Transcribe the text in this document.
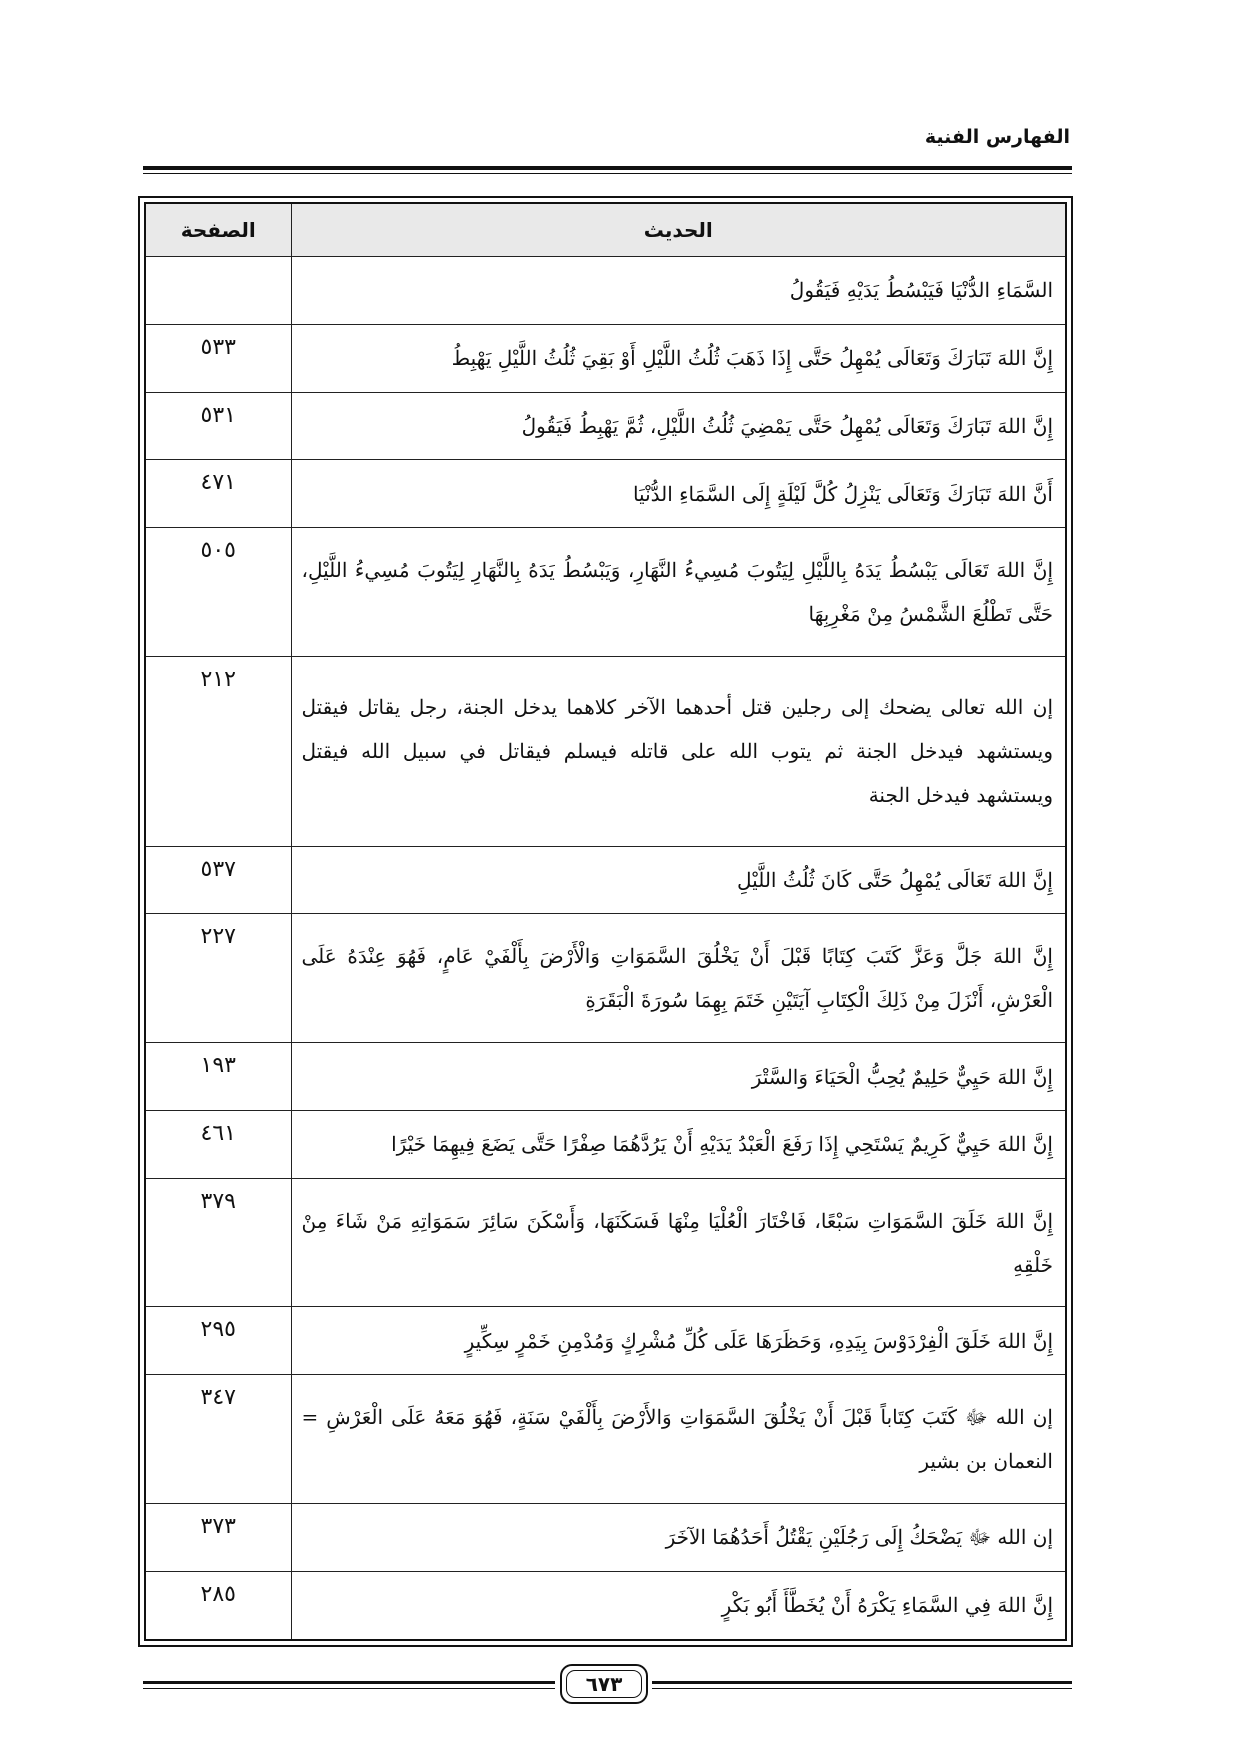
الفهارس الفنية
الحديث	الصفحة
السَّمَاءِ الدُّنْيَا فَيَبْسُطُ يَدَيْهِ فَيَقُولُ	
إِنَّ اللهَ تَبَارَكَ وَتَعَالَى يُمْهِلُ حَتَّى إِذَا ذَهَبَ ثُلُثُ اللَّيْلِ أَوْ بَقِيَ ثُلُثُ اللَّيْلِ يَهْبِطُ	٥٣٣
إِنَّ اللهَ تَبَارَكَ وَتَعَالَى يُمْهِلُ حَتَّى يَمْضِيَ ثُلُثُ اللَّيْلِ، ثُمَّ يَهْبِطُ فَيَقُولُ	٥٣١
أَنَّ اللهَ تَبَارَكَ وَتَعَالَى يَنْزِلُ كُلَّ لَيْلَةٍ إِلَى السَّمَاءِ الدُّنْيَا	٤٧١
إِنَّ اللهَ تَعَالَى يَبْسُطُ يَدَهُ بِاللَّيْلِ لِيَتُوبَ مُسِيءُ النَّهَارِ، وَيَبْسُطُ يَدَهُ بِالنَّهَارِ لِيَتُوبَ مُسِيءُ اللَّيْلِ، حَتَّى تَطْلُعَ الشَّمْسُ مِنْ مَغْرِبِهَا	٥٠٥
إن الله تعالى يضحك إلى رجلين قتل أحدهما الآخر كلاهما يدخل الجنة، رجل يقاتل فيقتل ويستشهد فيدخل الجنة ثم يتوب الله على قاتله فيسلم فيقاتل في سبيل الله فيقتل ويستشهد فيدخل الجنة	٢١٢
إِنَّ اللهَ تَعَالَى يُمْهِلُ حَتَّى كَانَ ثُلُثُ اللَّيْلِ	٥٣٧
إِنَّ اللهَ جَلَّ وَعَزَّ كَتَبَ كِتَابًا قَبْلَ أَنْ يَخْلُقَ السَّمَوَاتِ وَالْأَرْضَ بِأَلْفَيْ عَامٍ، فَهُوَ عِنْدَهُ عَلَى الْعَرْشِ، أَنْزَلَ مِنْ ذَلِكَ الْكِتَابِ آيَتَيْنِ خَتَمَ بِهِمَا سُورَةَ الْبَقَرَةِ	٢٢٧
إِنَّ اللهَ حَيِيٌّ حَلِيمٌ يُحِبُّ الْحَيَاءَ وَالسَّتْرَ	١٩٣
إِنَّ اللهَ حَيِيٌّ كَرِيمٌ يَسْتَحِي إِذَا رَفَعَ الْعَبْدُ يَدَيْهِ أَنْ يَرُدَّهُمَا صِفْرًا حَتَّى يَضَعَ فِيهِمَا خَيْرًا	٤٦١
إِنَّ اللهَ خَلَقَ السَّمَوَاتِ سَبْعًا، فَاخْتَارَ الْعُلْيَا مِنْهَا فَسَكَنَهَا، وَأَسْكَنَ سَائِرَ سَمَوَاتِهِ مَنْ شَاءَ مِنْ خَلْقِهِ	٣٧٩
إِنَّ اللهَ خَلَقَ الْفِرْدَوْسَ بِيَدِهِ، وَحَظَرَهَا عَلَى كُلِّ مُشْرِكٍ وَمُدْمِنِ خَمْرٍ سِكِّيرٍ	٢٩٥
إن الله ﷻ كَتَبَ كِتَاباً قَبْلَ أَنْ يَخْلُقَ السَّمَوَاتِ وَالأَرْضَ بِأَلْفَيْ سَنَةٍ، فَهُوَ مَعَهُ عَلَى الْعَرْشِ = النعمان بن بشير	٣٤٧
إن الله ﷻ يَضْحَكُ إِلَى رَجُلَيْنِ يَقْتُلُ أَحَدُهُمَا الآخَرَ	٣٧٣
إِنَّ اللهَ فِي السَّمَاءِ يَكْرَهُ أَنْ يُخَطَّأَ أَبُو بَكْرٍ	٢٨٥
٦٧٣
